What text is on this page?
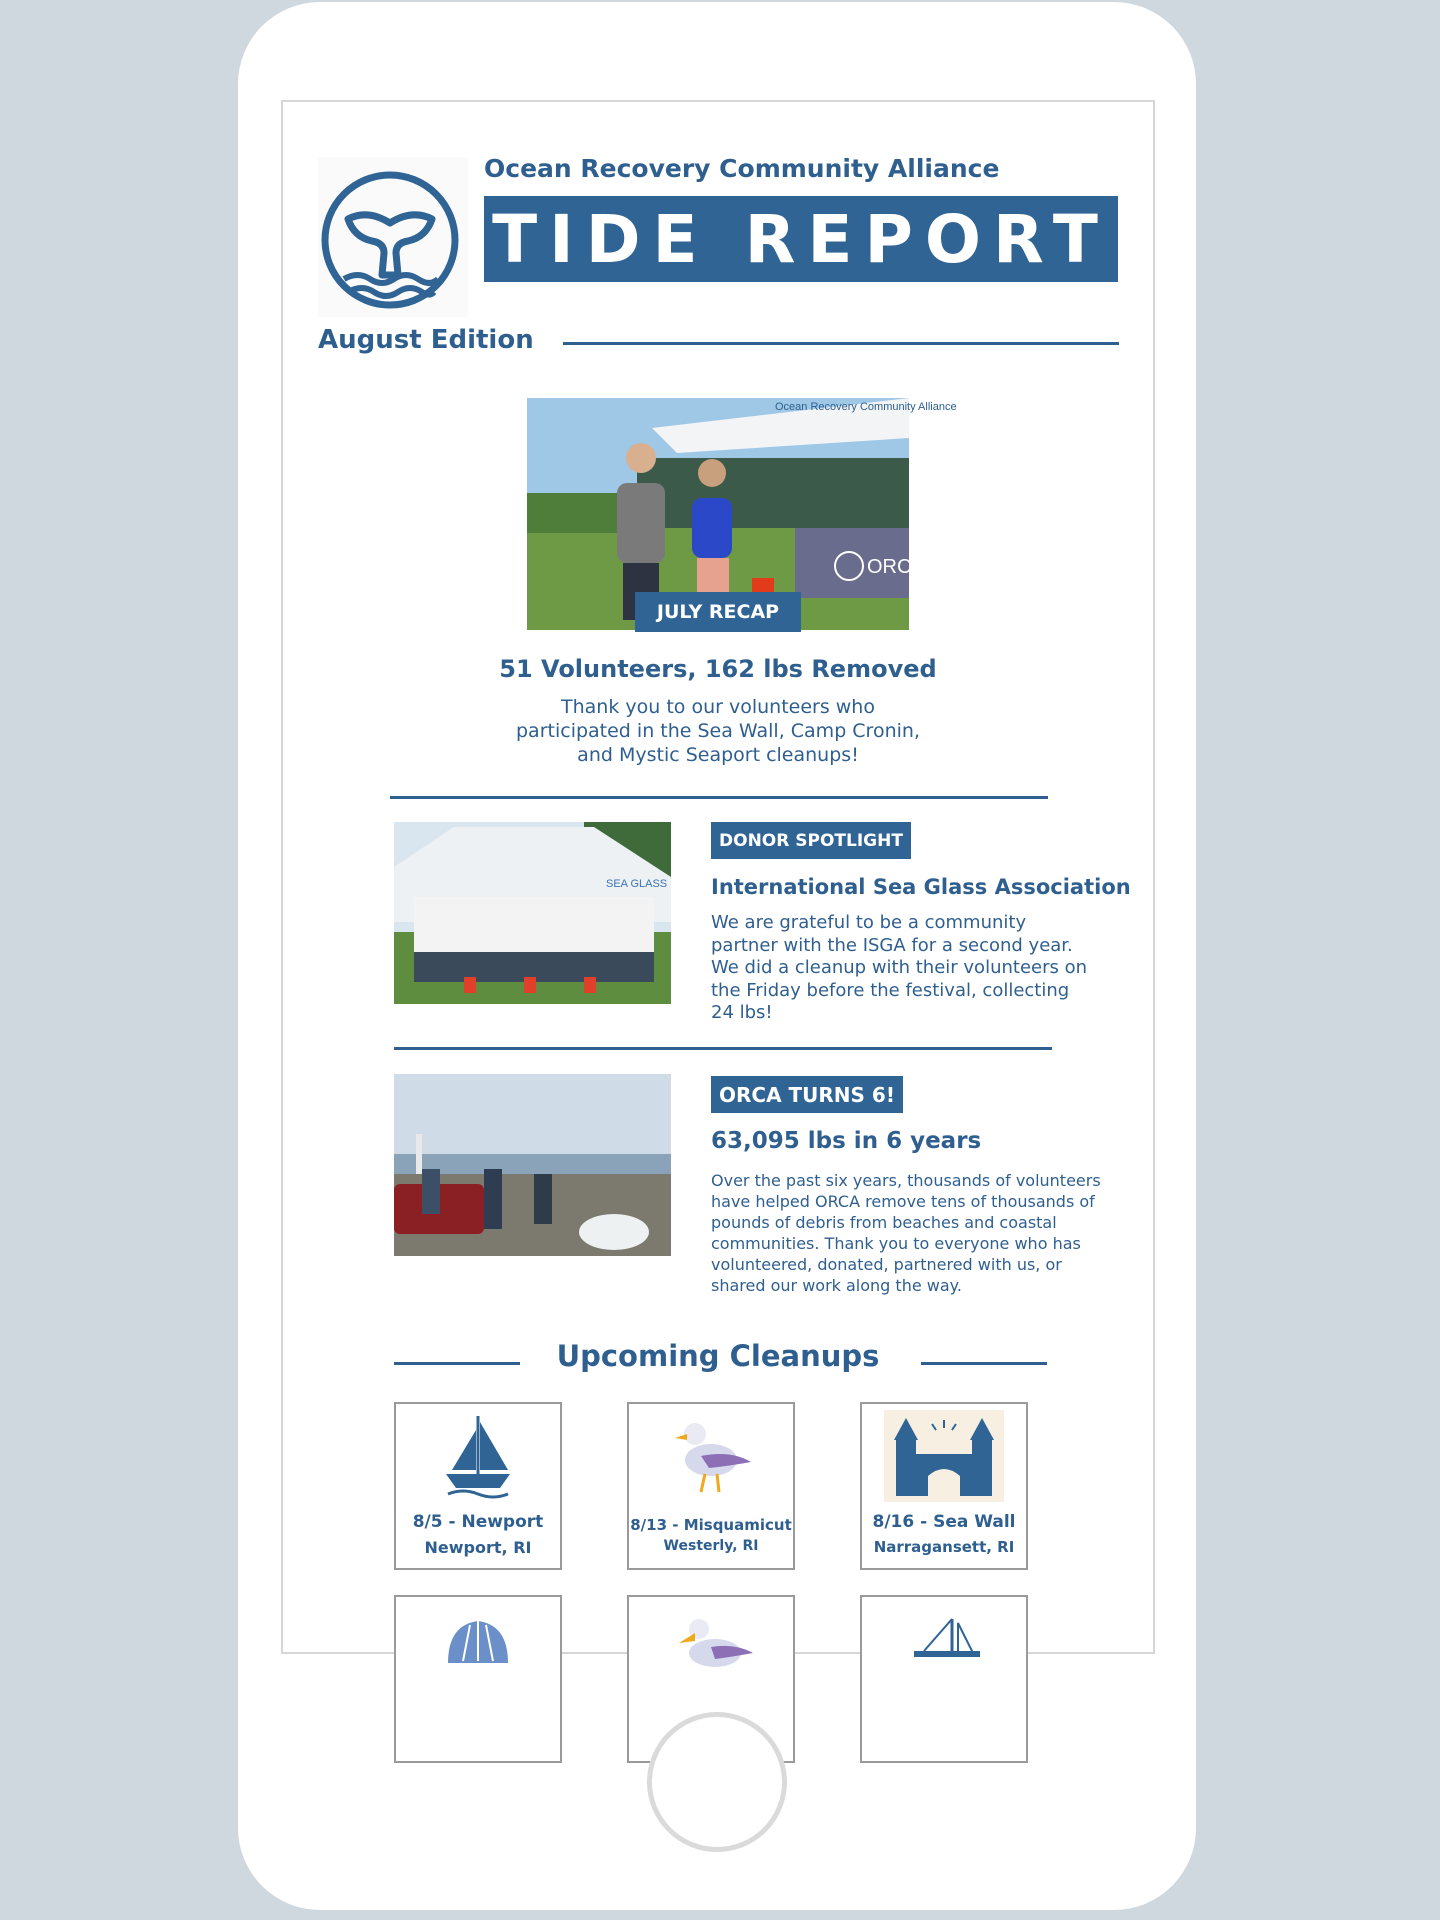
Ocean Recovery Community Alliance
TIDE REPORT
August Edition
Ocean Recovery Community Alliance
ORCA
JULY RECAP
51 Volunteers, 162 lbs Removed
Thank you to our volunteers who participated in the Sea Wall, Camp Cronin, and Mystic Seaport cleanups!
SEA GLASS
DONOR SPOTLIGHT
International Sea Glass Association
We are grateful to be a community partner with the ISGA for a second year. We did a cleanup with their volunteers on the Friday before the festival, collecting 24 lbs!
ORCA TURNS 6!
63,095 lbs in 6 years
Over the past six years, thousands of volunteers have helped ORCA remove tens of thousands of pounds of debris from beaches and coastal communities. Thank you to everyone who has volunteered, donated, partnered with us, or shared our work along the way.
Upcoming Cleanups
8/5 - Newport
Newport, RI
8/13 - Misquamicut
Westerly, RI
8/16 - Sea Wall
Narragansett, RI
